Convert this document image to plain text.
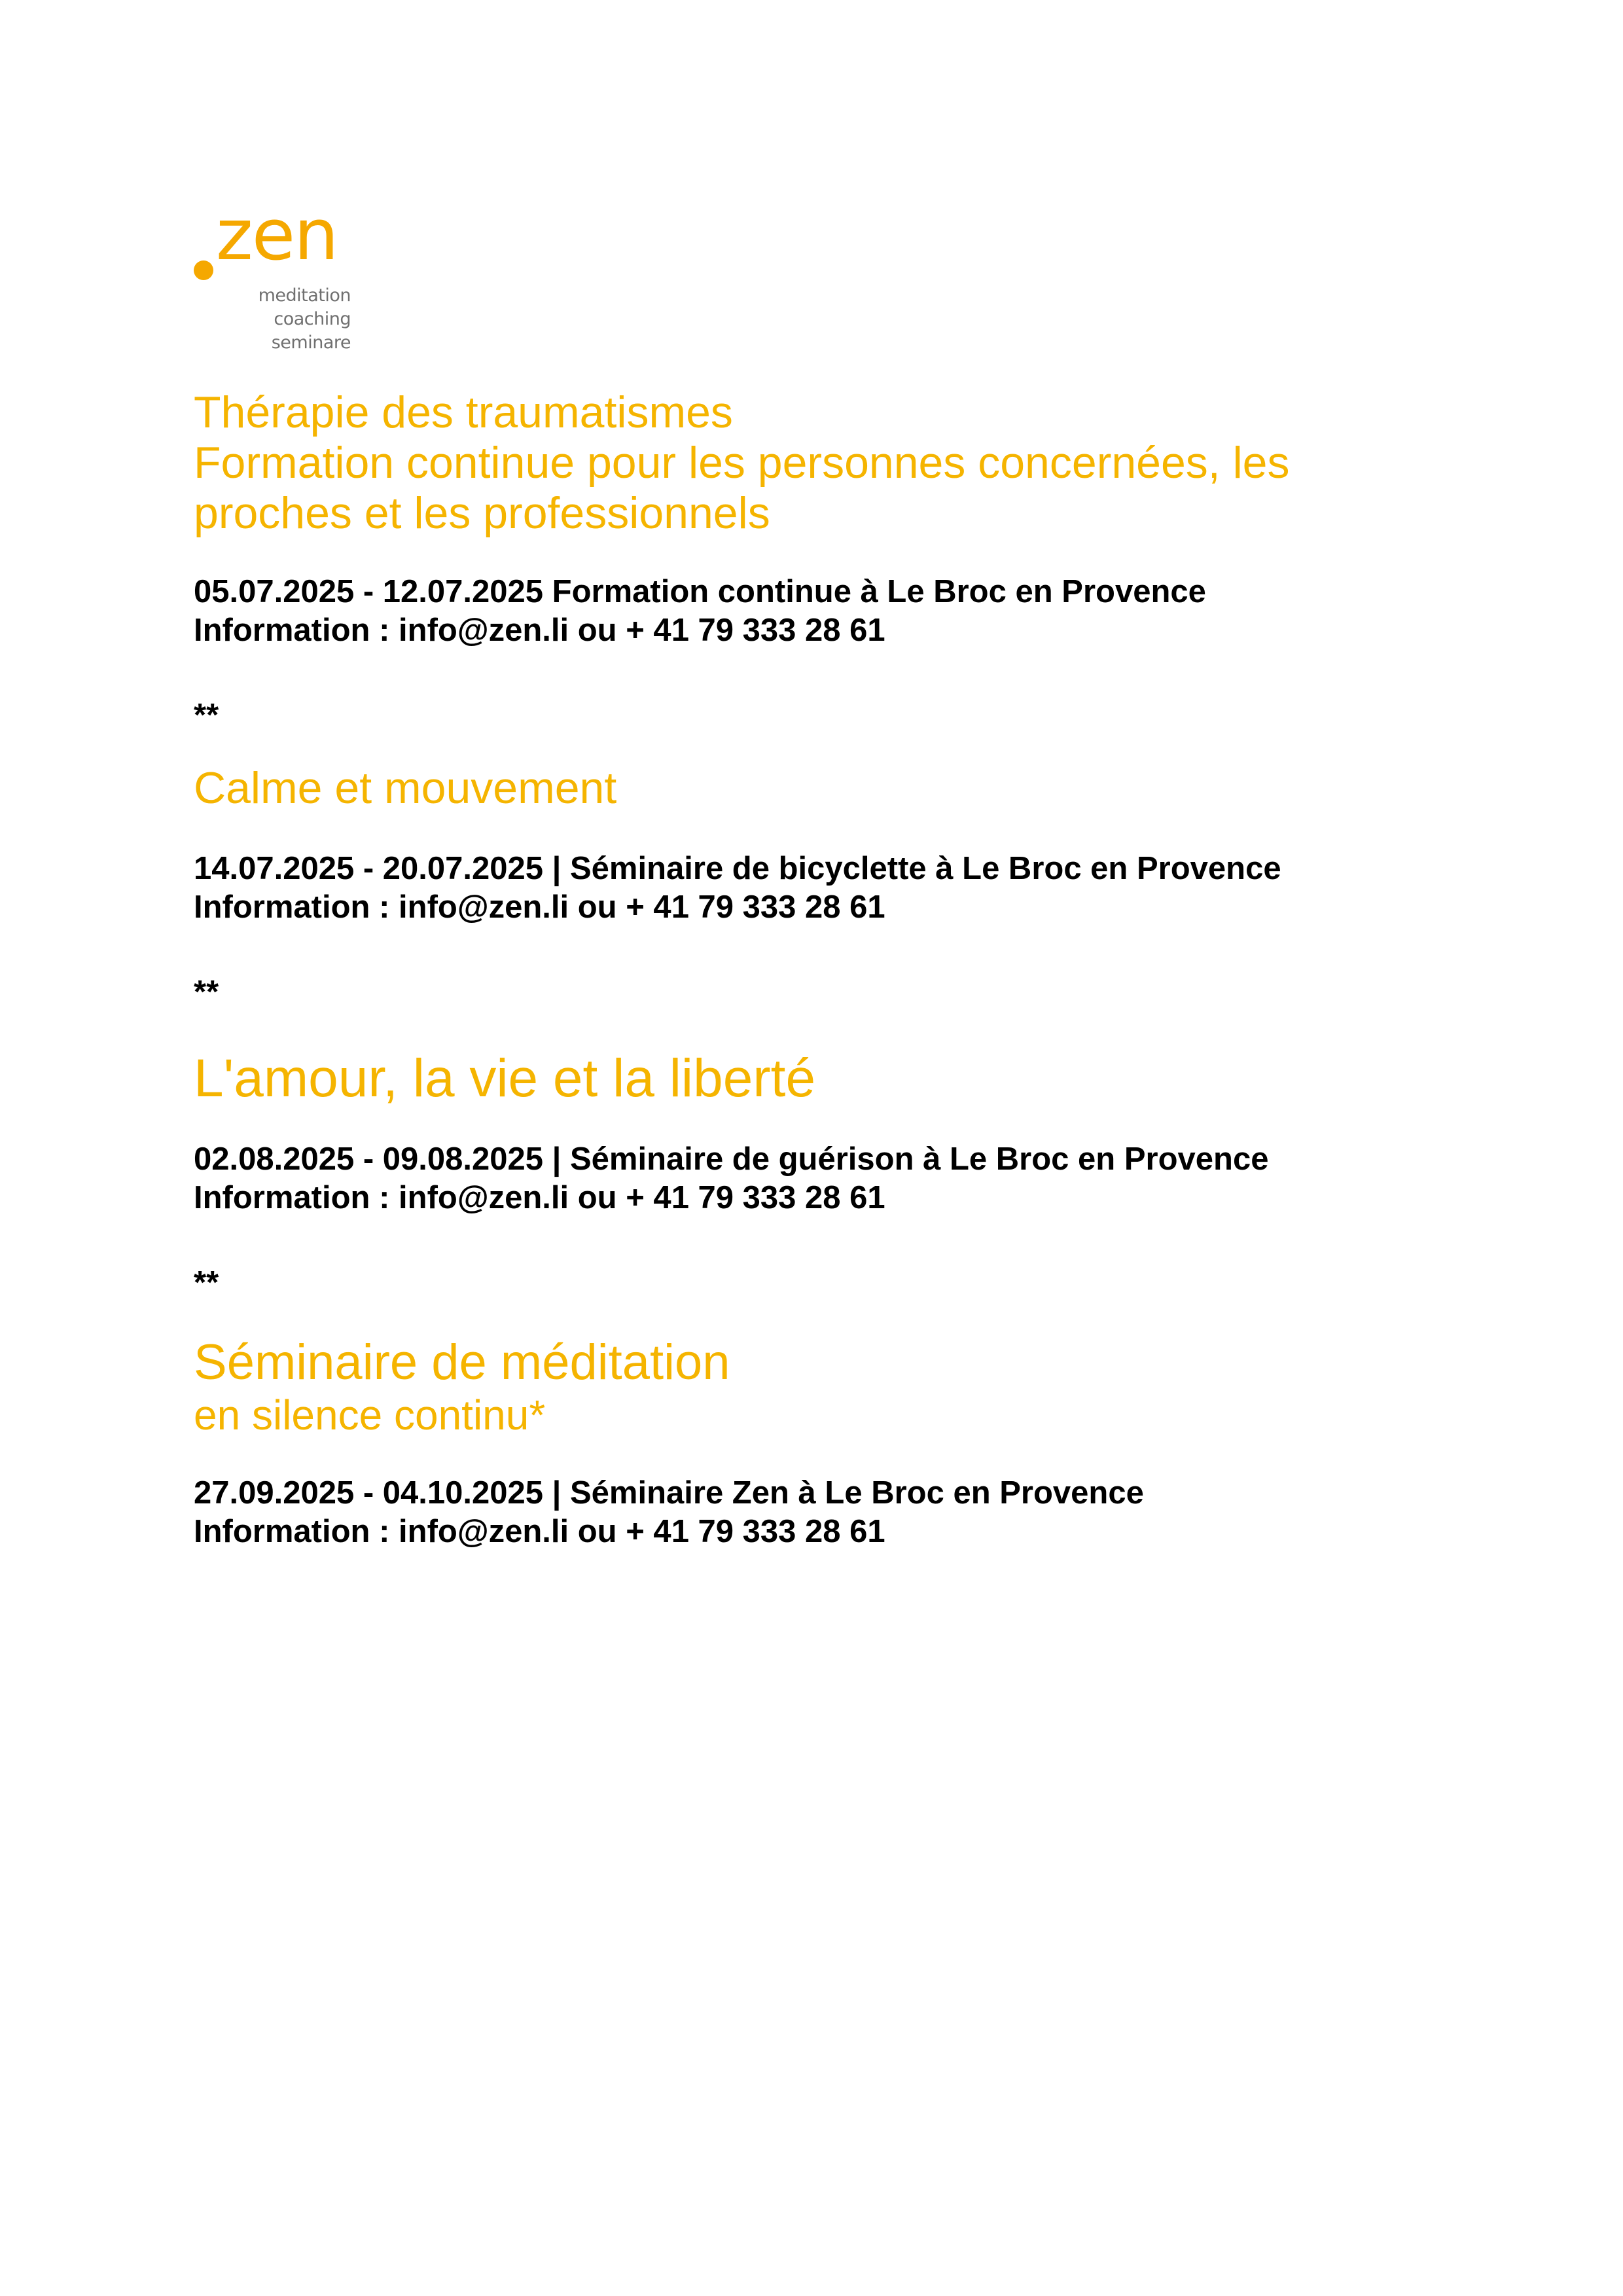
zen
meditation
coaching
seminare
Thérapie des traumatismes
Formation continue pour les personnes concernées, les
proches et les professionnels
05.07.2025 - 12.07.2025 Formation continue à Le Broc en Provence
Information : info@zen.li ou + 41 79 333 28 61
**
Calme et mouvement
14.07.2025 - 20.07.2025 | Séminaire de bicyclette à Le Broc en Provence
Information : info@zen.li ou + 41 79 333 28 61
**
L'amour, la vie et la liberté
02.08.2025 - 09.08.2025 | Séminaire de guérison à Le Broc en Provence
Information : info@zen.li ou + 41 79 333 28 61
**
Séminaire de méditation
en silence continu*
27.09.2025 - 04.10.2025 | Séminaire Zen à Le Broc en Provence
Information : info@zen.li ou + 41 79 333 28 61
